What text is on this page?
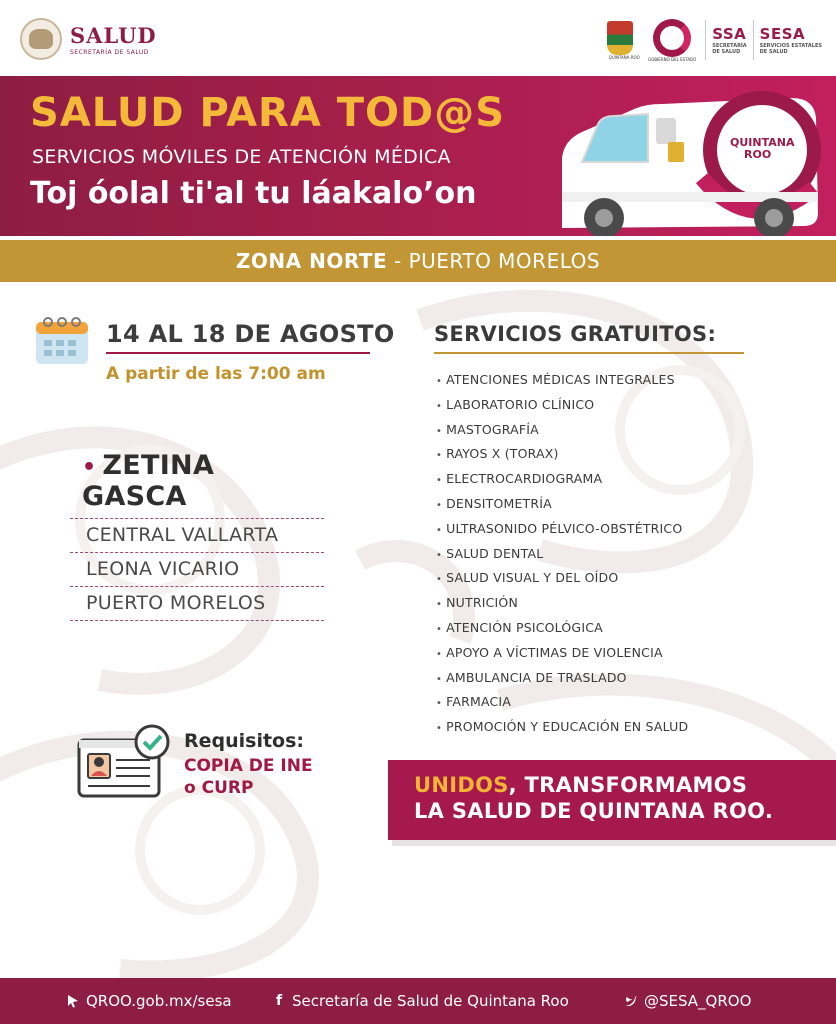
SALUD
SECRETARÍA DE SALUD
QUINTANA ROO GOBIERNO DEL ESTADO
SSA
SECRETARÍA
DE SALUD
SESA
SERVICIOS ESTATALES
DE SALUD
SALUD PARA TOD@S
SERVICIOS MÓVILES DE ATENCIÓN MÉDICA
Toj óolal ti'al tu láakalo’on
QUINTANA
ROO
ZONA NORTE - PUERTO MORELOS
14 AL 18 DE AGOSTO
A partir de las 7:00 am
• ZETINA GASCA
CENTRAL VALLARTA
LEONA VICARIO
PUERTO MORELOS
SERVICIOS GRATUITOS:
• ATENCIONES MÉDICAS INTEGRALES
• LABORATORIO CLÍNICO
• MASTOGRAFÍA
• RAYOS X (TORAX)
• ELECTROCARDIOGRAMA
• DENSITOMETRÍA
• ULTRASONIDO PÉLVICO-OBSTÉTRICO
• SALUD DENTAL
• SALUD VISUAL Y DEL OÍDO
• NUTRICIÓN
• ATENCIÓN PSICOLÓGICA
• APOYO A VÍCTIMAS DE VIOLENCIA
• AMBULANCIA DE TRASLADO
• FARMACIA
• PROMOCIÓN Y EDUCACIÓN EN SALUD
Requisitos:
COPIA DE INE
o CURP	UNIDOS, TRANSFORMAMOS
LA SALUD DE QUINTANA ROO.
QROO.gob.mx/sesa	f Secretaría de Salud de Quintana Roo	@SESA_QROO
